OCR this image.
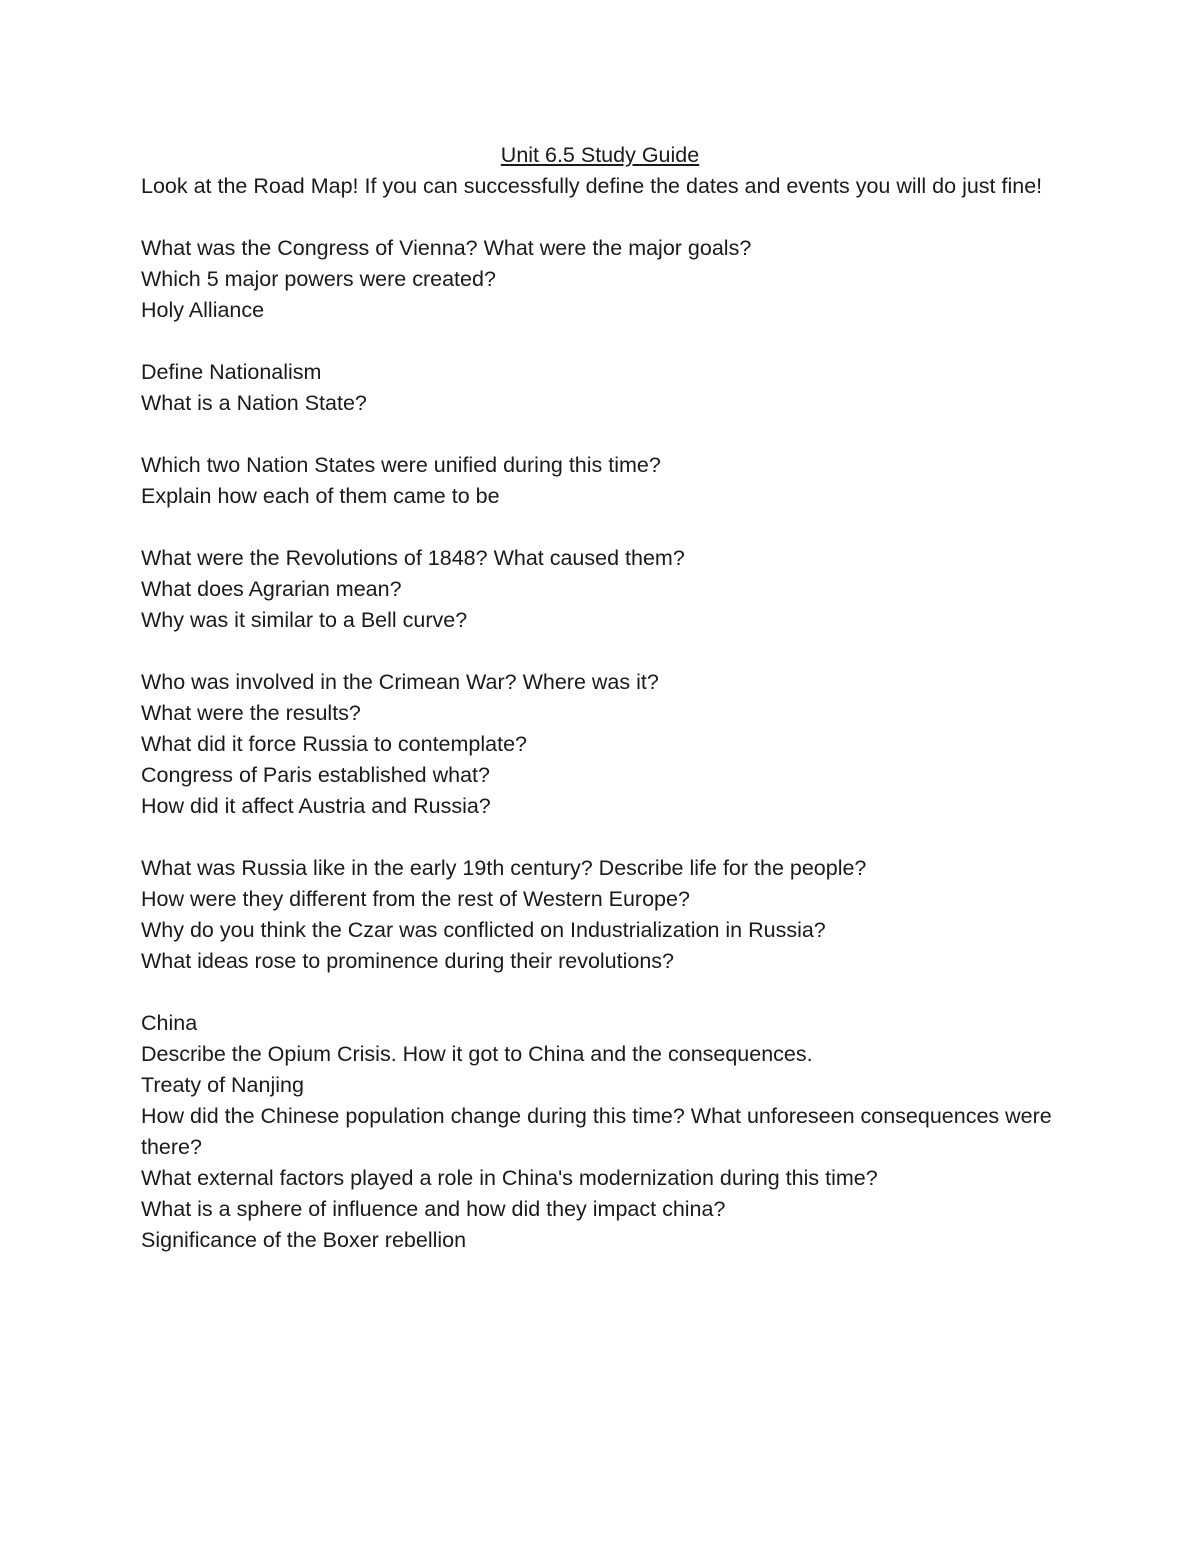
Unit 6.5 Study Guide

Look at the Road Map! If you can successfully define the dates and events you will do just fine!

What was the Congress of Vienna? What were the major goals?

Which 5 major powers were created?

Holy Alliance

Define Nationalism

What is a Nation State?

Which two Nation States were unified during this time?

Explain how each of them came to be

What were the Revolutions of 1848? What caused them?

What does Agrarian mean?

Why was it similar to a Bell curve?

Who was involved in the Crimean War? Where was it?

What were the results?

What did it force Russia to contemplate?

Congress of Paris established what?

How did it affect Austria and Russia?

What was Russia like in the early 19th century? Describe life for the people?

How were they different from the rest of Western Europe?

Why do you think the Czar was conflicted on Industrialization in Russia?

What ideas rose to prominence during their revolutions?

China

Describe the Opium Crisis. How it got to China and the consequences.

Treaty of Nanjing

How did the Chinese population change during this time? What unforeseen consequences were there?

What external factors played a role in China's modernization during this time?

What is a sphere of influence and how did they impact china?

Significance of the Boxer rebellion
